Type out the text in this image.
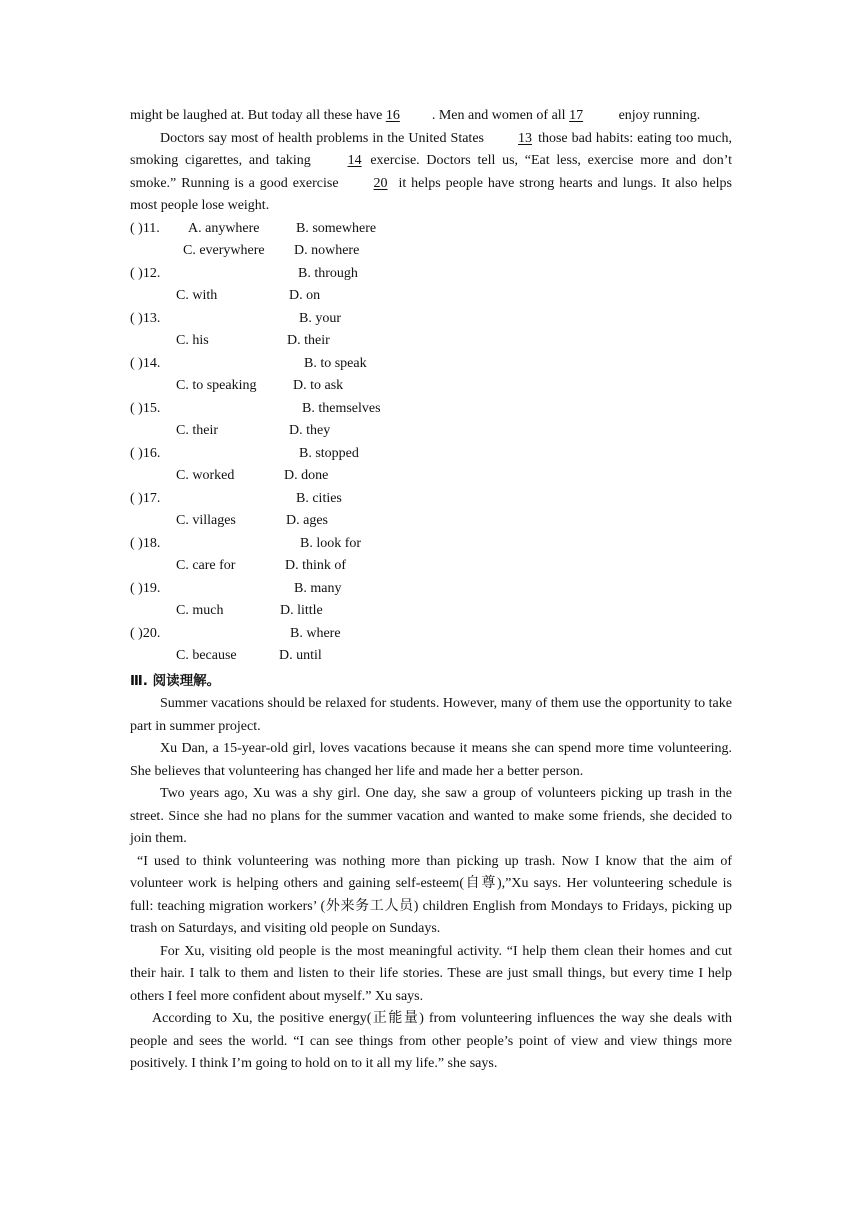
might be laughed at. But today all these have 16 . Men and women of all 17	enjoy running.

Doctors say most of health problems in the United States 13 those bad habits: eating too much, smoking cigarettes, and taking	14 exercise. Doctors tell us, “Eat less, exercise more and don’t smoke.” Running is a good exercise 20 it helps people have strong hearts and lungs. It also helps most people lose weight.

( )11. A. anywhere	B. somewhere
C. everywhere D. nowhere
( )12.	B. through
C. with	D. on
( )13.	B. your
C. his	D. their
( )14.	B. to speak
C. to speaking	D. to ask
( )15.	B. themselves
C. their	D. they
( )16.	B. stopped
C. worked	D. done
( )17.	B. cities
C. villages	D. ages
( )18.	B. look for
C. care for	D. think of
( )19.	B. many
C. much	D. little
( )20.	B. where
C. because	D. until

Ⅲ. 阅读理解。

Summer vacations should be relaxed for students. However, many of them use the opportunity to take part in summer project.

Xu Dan, a 15-year-old girl, loves vacations because it means she can spend more time volunteering. She believes that volunteering has changed her life and made her a better person.

Two years ago, Xu was a shy girl. One day, she saw a group of volunteers picking up trash in the street. Since she had no plans for the summer vacation and wanted to make some friends, she decided to join them.

“I used to think volunteering was nothing more than picking up trash. Now I know that the aim of volunteer work is helping others and gaining self-esteem(自尊),”Xu says. Her volunteering schedule is full: teaching migration workers’ (外来务工人员) children English from Mondays to Fridays, picking up trash on Saturdays, and visiting old people on Sundays.

For Xu, visiting old people is the most meaningful activity. “I help them clean their homes and cut their hair. I talk to them and listen to their life stories. These are just small things, but every time I help others I feel more confident about myself.” Xu says.

According to Xu, the positive energy(正能量) from volunteering influences the way she deals with people and sees the world. “I can see things from other people’s point of view and view things more positively. I think I’m going to hold on to it all my life.” she says.
